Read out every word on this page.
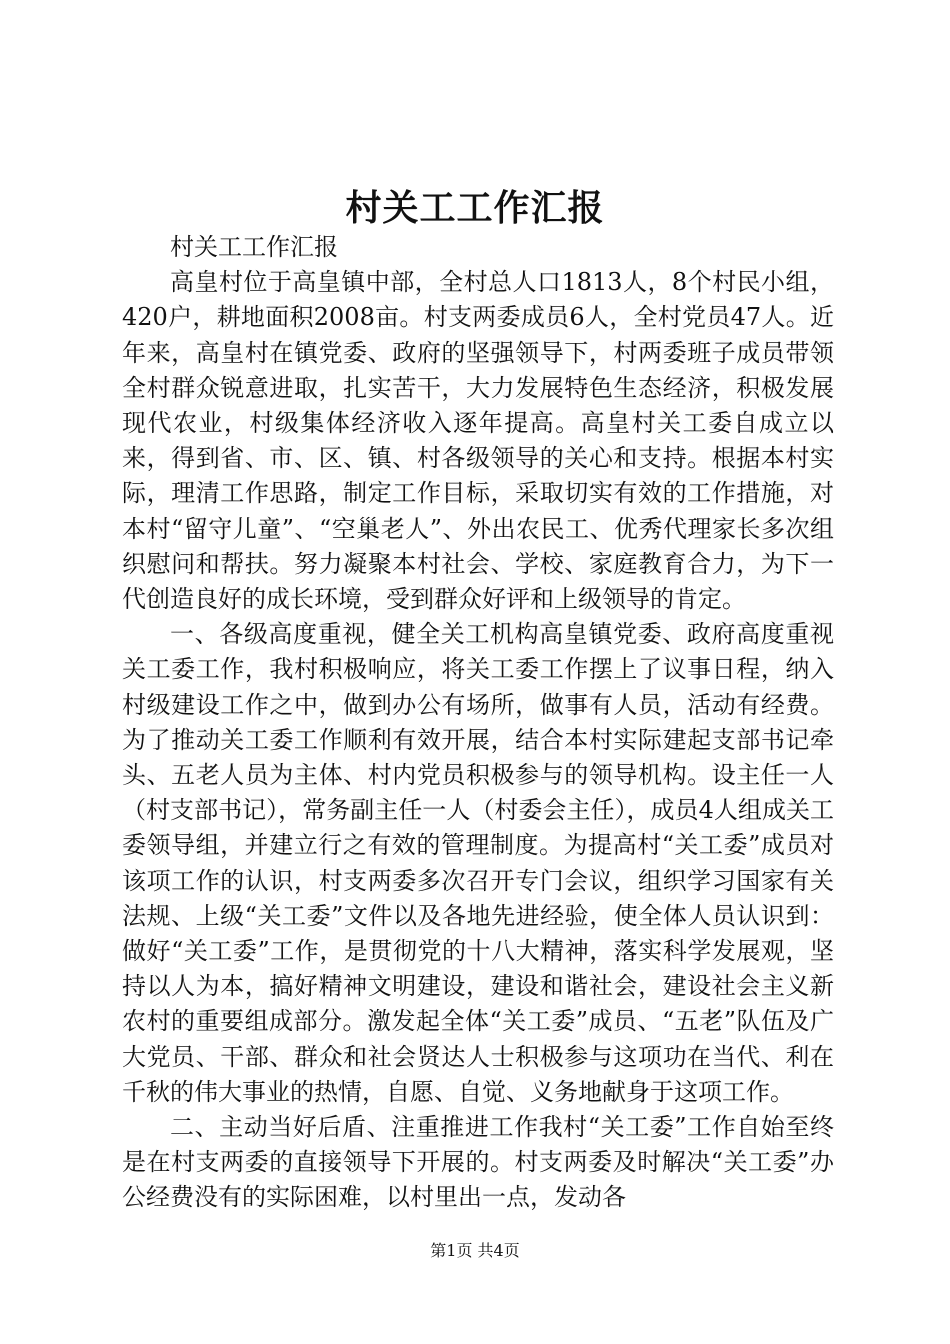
村关工工作汇报

村关工工作汇报

高皇村位于高皇镇中部，全村总人口1813人，8个村民小组，420户，耕地面积2008亩。村支两委成员6人，全村党员47人。近年来，高皇村在镇党委、政府的坚强领导下，村两委班子成员带领全村群众锐意进取，扎实苦干，大力发展特色生态经济，积极发展现代农业，村级集体经济收入逐年提高。高皇村关工委自成立以来，得到省、市、区、镇、村各级领导的关心和支持。根据本村实际，理清工作思路，制定工作目标，采取切实有效的工作措施，对本村“留守儿童”、“空巢老人”、外出农民工、优秀代理家长多次组织慰问和帮扶。努力凝聚本村社会、学校、家庭教育合力，为下一代创造良好的成长环境，受到群众好评和上级领导的肯定。

一、各级高度重视，健全关工机构高皇镇党委、政府高度重视关工委工作，我村积极响应，将关工委工作摆上了议事日程，纳入村级建设工作之中，做到办公有场所，做事有人员，活动有经费。为了推动关工委工作顺利有效开展，结合本村实际建起支部书记牵头、五老人员为主体、村内党员积极参与的领导机构。设主任一人（村支部书记），常务副主任一人（村委会主任），成员4人组成关工委领导组，并建立行之有效的管理制度。为提高村“关工委”成员对该项工作的认识，村支两委多次召开专门会议，组织学习国家有关法规、上级“关工委”文件以及各地先进经验，使全体人员认识到：做好“关工委”工作，是贯彻党的十八大精神，落实科学发展观，坚持以人为本，搞好精神文明建设，建设和谐社会，建设社会主义新农村的重要组成部分。激发起全体“关工委”成员、“五老”队伍及广大党员、干部、群众和社会贤达人士积极参与这项功在当代、利在千秋的伟大事业的热情，自愿、自觉、义务地献身于这项工作。

二、主动当好后盾、注重推进工作我村“关工委”工作自始至终是在村支两委的直接领导下开展的。村支两委及时解决“关工委”办公经费没有的实际困难，以村里出一点，发动各

第1页 共4页
